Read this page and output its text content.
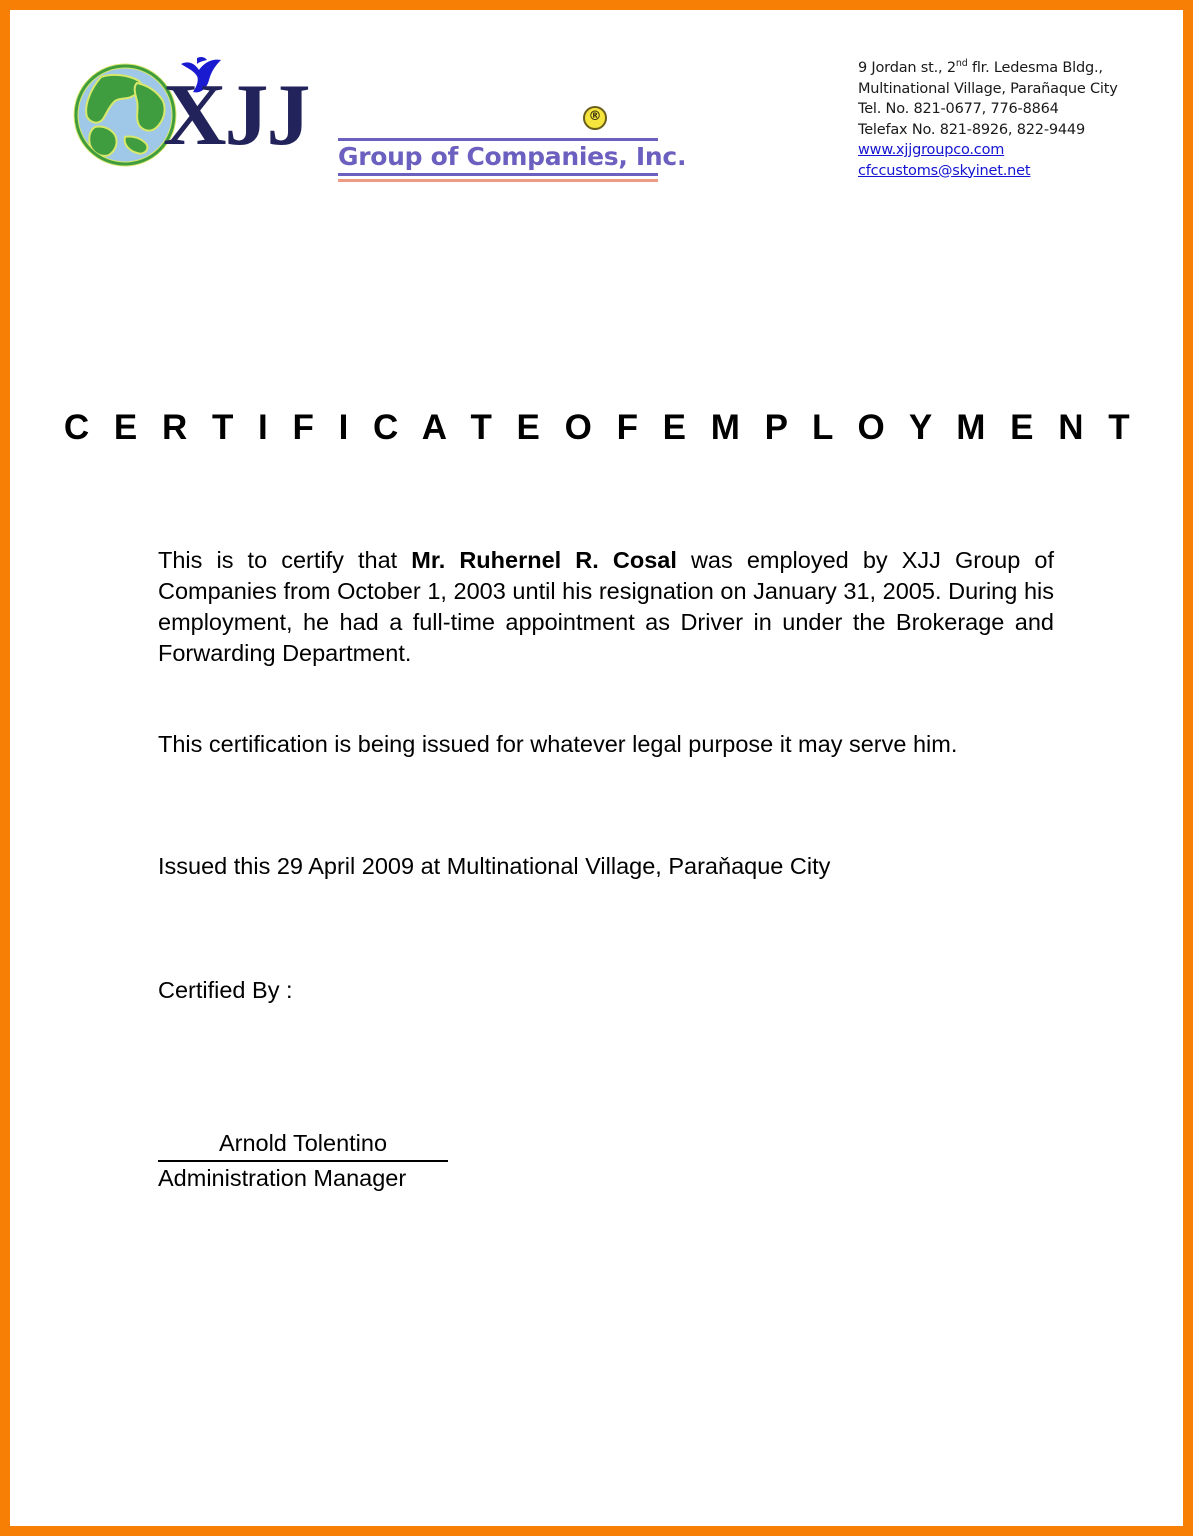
XJJ Group of Companies, Inc.
®
9 Jordan st., 2nd flr. Ledesma Bldg.,
Multinational Village, Parañaque City
Tel. No. 821-0677, 776-8864
Telefax No. 821-8926, 822-9449
www.xjjgroupco.com
cfccustoms@skyinet.net
C E R T I F I C A T E O F E M P L O Y M E N T
This is to certify that Mr. Ruhernel R. Cosal was employed by XJJ Group of Companies from October 1, 2003 until his resignation on January 31, 2005. During his employment, he had a full-time appointment as Driver in under the Brokerage and Forwarding Department.
This certification is being issued for whatever legal purpose it may serve him.
Issued this 29 April 2009 at Multinational Village, Paraňaque City
Certified By :
Arnold Tolentino
Administration Manager
